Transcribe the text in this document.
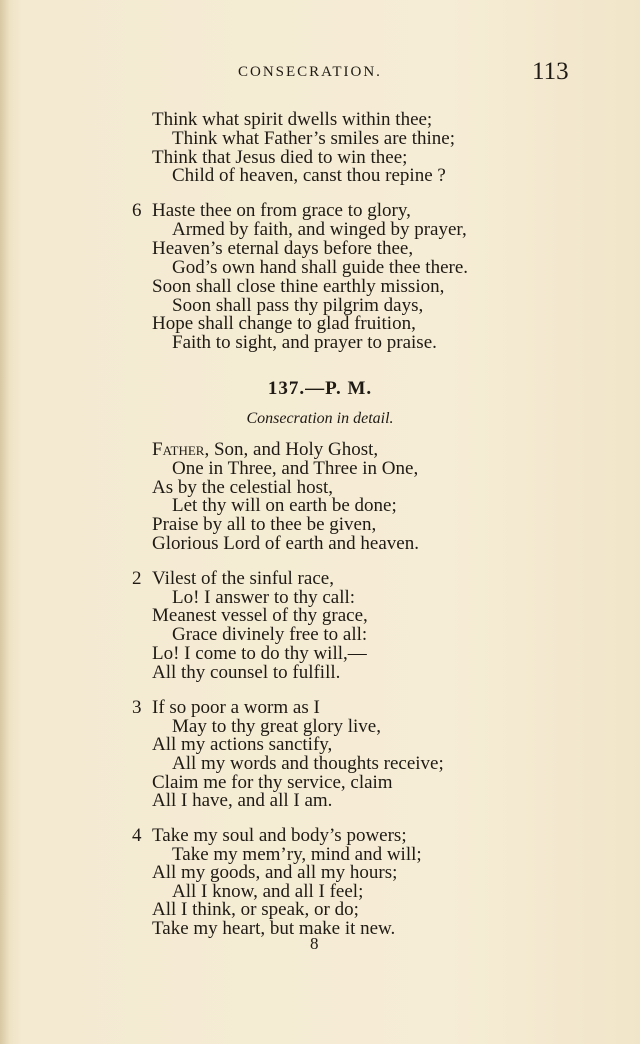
CONSECRATION.	113
Think what spirit dwells within thee;
Think what Father’s smiles are thine;
Think that Jesus died to win thee;
Child of heaven, canst thou repine ?
6 Haste thee on from grace to glory,
Armed by faith, and winged by prayer,
Heaven’s eternal days before thee,
God’s own hand shall guide thee there.
Soon shall close thine earthly mission,
Soon shall pass thy pilgrim days,
Hope shall change to glad fruition,
Faith to sight, and prayer to praise.
137.—P. M.
Consecration in detail.
Father, Son, and Holy Ghost,
One in Three, and Three in One,
As by the celestial host,
Let thy will on earth be done;
Praise by all to thee be given,
Glorious Lord of earth and heaven.
2 Vilest of the sinful race,
Lo! I answer to thy call:
Meanest vessel of thy grace,
Grace divinely free to all:
Lo! I come to do thy will,—
All thy counsel to fulfill.
3 If so poor a worm as I
May to thy great glory live,
All my actions sanctify,
All my words and thoughts receive;
Claim me for thy service, claim
All I have, and all I am.
4 Take my soul and body’s powers;
Take my mem’ry, mind and will;
All my goods, and all my hours;
All I know, and all I feel;
All I think, or speak, or do;
Take my heart, but make it new.
8
